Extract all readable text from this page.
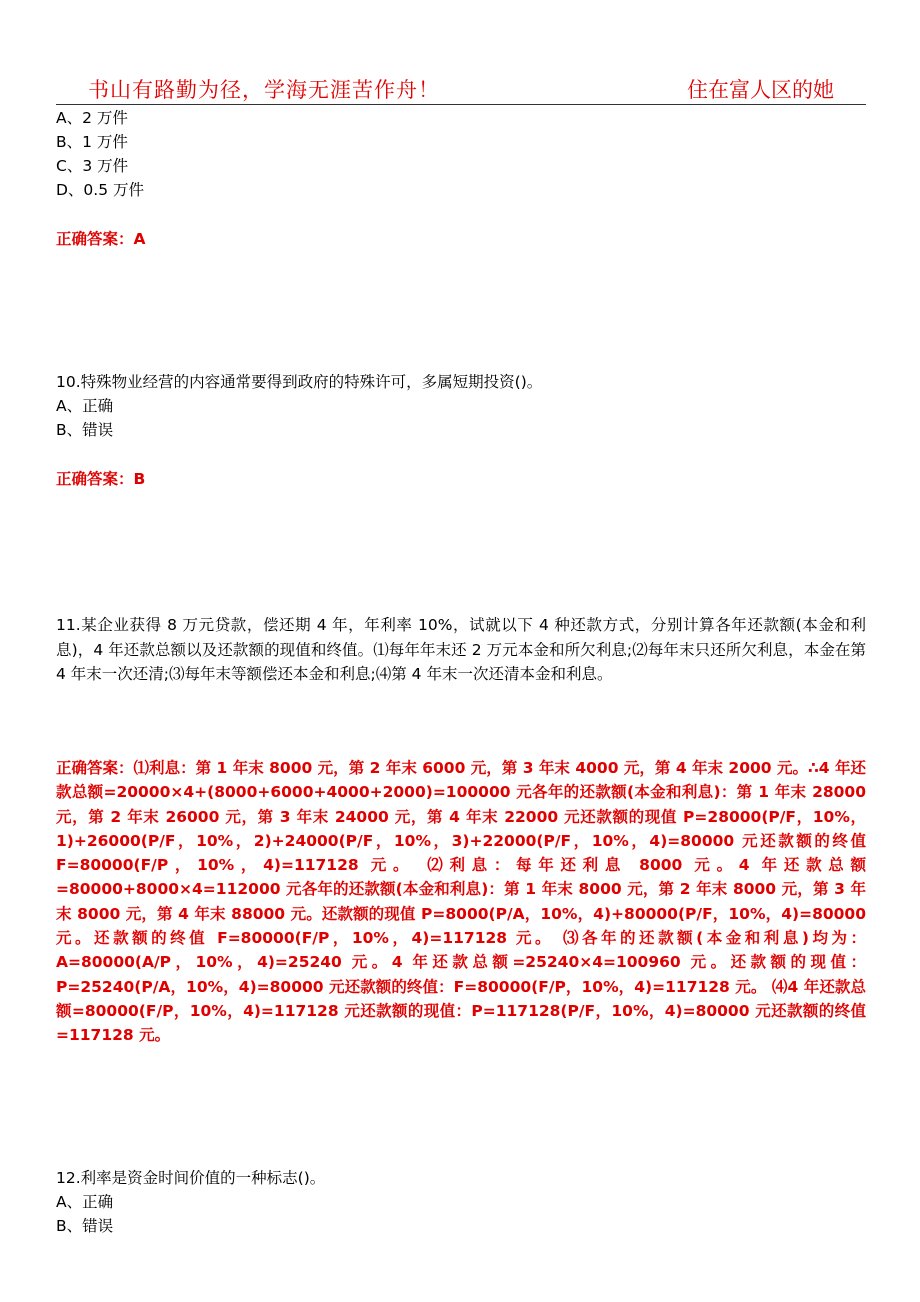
书山有路勤为径，学海无涯苦作舟！	住在富人区的她
A、2 万件
B、1 万件
C、3 万件
D、0.5 万件
正确答案：A
10.特殊物业经营的内容通常要得到政府的特殊许可，多属短期投资()。
A、正确
B、错误
正确答案：B
11.某企业获得 8 万元贷款，偿还期 4 年，年利率 10%，试就以下 4 种还款方式，分别计算各年还款额(本金和利息)，4 年还款总额以及还款额的现值和终值。⑴每年年末还 2 万元本金和所欠利息;⑵每年末只还所欠利息，本金在第 4 年末一次还清;⑶每年末等额偿还本金和利息;⑷第 4 年末一次还清本金和利息。
正确答案：⑴利息：第 1 年末 8000 元，第 2 年末 6000 元，第 3 年末 4000 元，第 4 年末 2000 元。∴4 年还款总额=20000×4+(8000+6000+4000+2000)=100000 元各年的还款额(本金和利息)：第 1 年末 28000 元，第 2 年末 26000 元，第 3 年末 24000 元，第 4 年末 22000 元还款额的现值 P=28000(P/F，10%，1)+26000(P/F，10%，2)+24000(P/F，10%，3)+22000(P/F，10%，4)=80000 元还款额的终值 F=80000(F/P，10%，4)=117128 元。 ⑵利息：每年还利息 8000 元。4 年还款总额=80000+8000×4=112000 元各年的还款额(本金和利息)：第 1 年末 8000 元，第 2 年末 8000 元，第 3 年末 8000 元，第 4 年末 88000 元。还款额的现值 P=8000(P/A，10%，4)+80000(P/F，10%，4)=80000 元。还款额的终值 F=80000(F/P，10%，4)=117128 元。 ⑶各年的还款额(本金和利息)均为：A=80000(A/P，10%，4)=25240 元。4 年还款总额=25240×4=100960 元。还款额的现值：P=25240(P/A，10%，4)=80000 元还款额的终值：F=80000(F/P，10%，4)=117128 元。 ⑷4 年还款总额=80000(F/P，10%，4)=117128 元还款额的现值：P=117128(P/F，10%，4)=80000 元还款额的终值=117128 元。
12.利率是资金时间价值的一种标志()。
A、正确
B、错误
